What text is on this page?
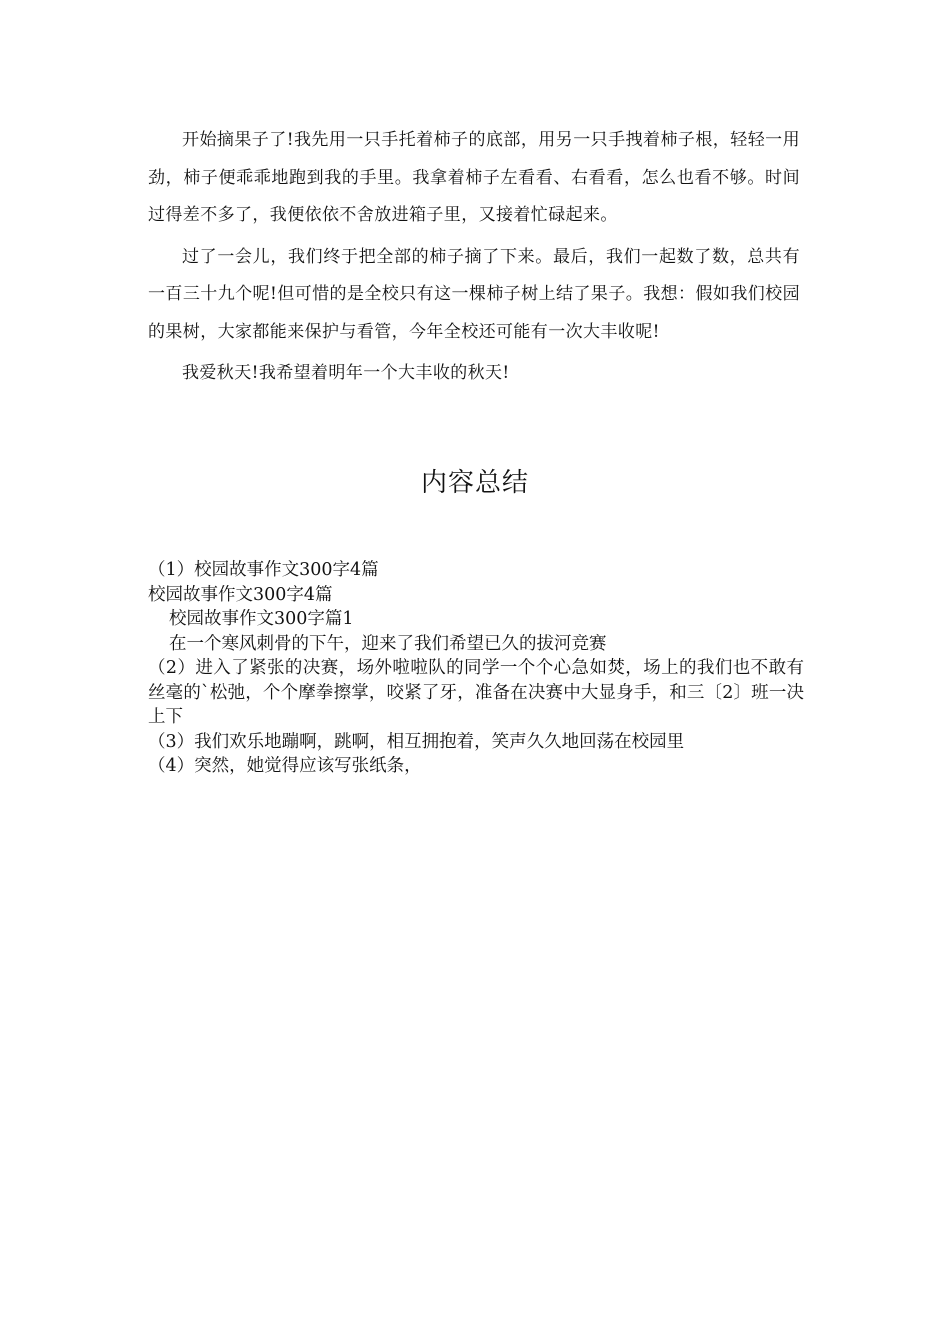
开始摘果子了!我先用一只手托着柿子的底部，用另一只手拽着柿子根，轻轻一用劲，柿子便乖乖地跑到我的手里。我拿着柿子左看看、右看看，怎么也看不够。时间过得差不多了，我便依依不舍放进箱子里，又接着忙碌起来。

过了一会儿，我们终于把全部的柿子摘了下来。最后，我们一起数了数，总共有一百三十九个呢!但可惜的是全校只有这一棵柿子树上结了果子。我想：假如我们校园的果树，大家都能来保护与看管，今年全校还可能有一次大丰收呢!

我爱秋天!我希望着明年一个大丰收的秋天!

内容总结

（1）校园故事作文300字4篇

校园故事作文300字4篇

校园故事作文300字篇1

在一个寒风刺骨的下午，迎来了我们希望已久的拔河竞赛

（2）进入了紧张的决赛，场外啦啦队的同学一个个心急如焚，场上的我们也不敢有丝毫的`松弛，个个摩拳擦掌，咬紧了牙，准备在决赛中大显身手，和三〔2〕班一决上下

（3）我们欢乐地蹦啊，跳啊，相互拥抱着，笑声久久地回荡在校园里

（4）突然，她觉得应该写张纸条，
